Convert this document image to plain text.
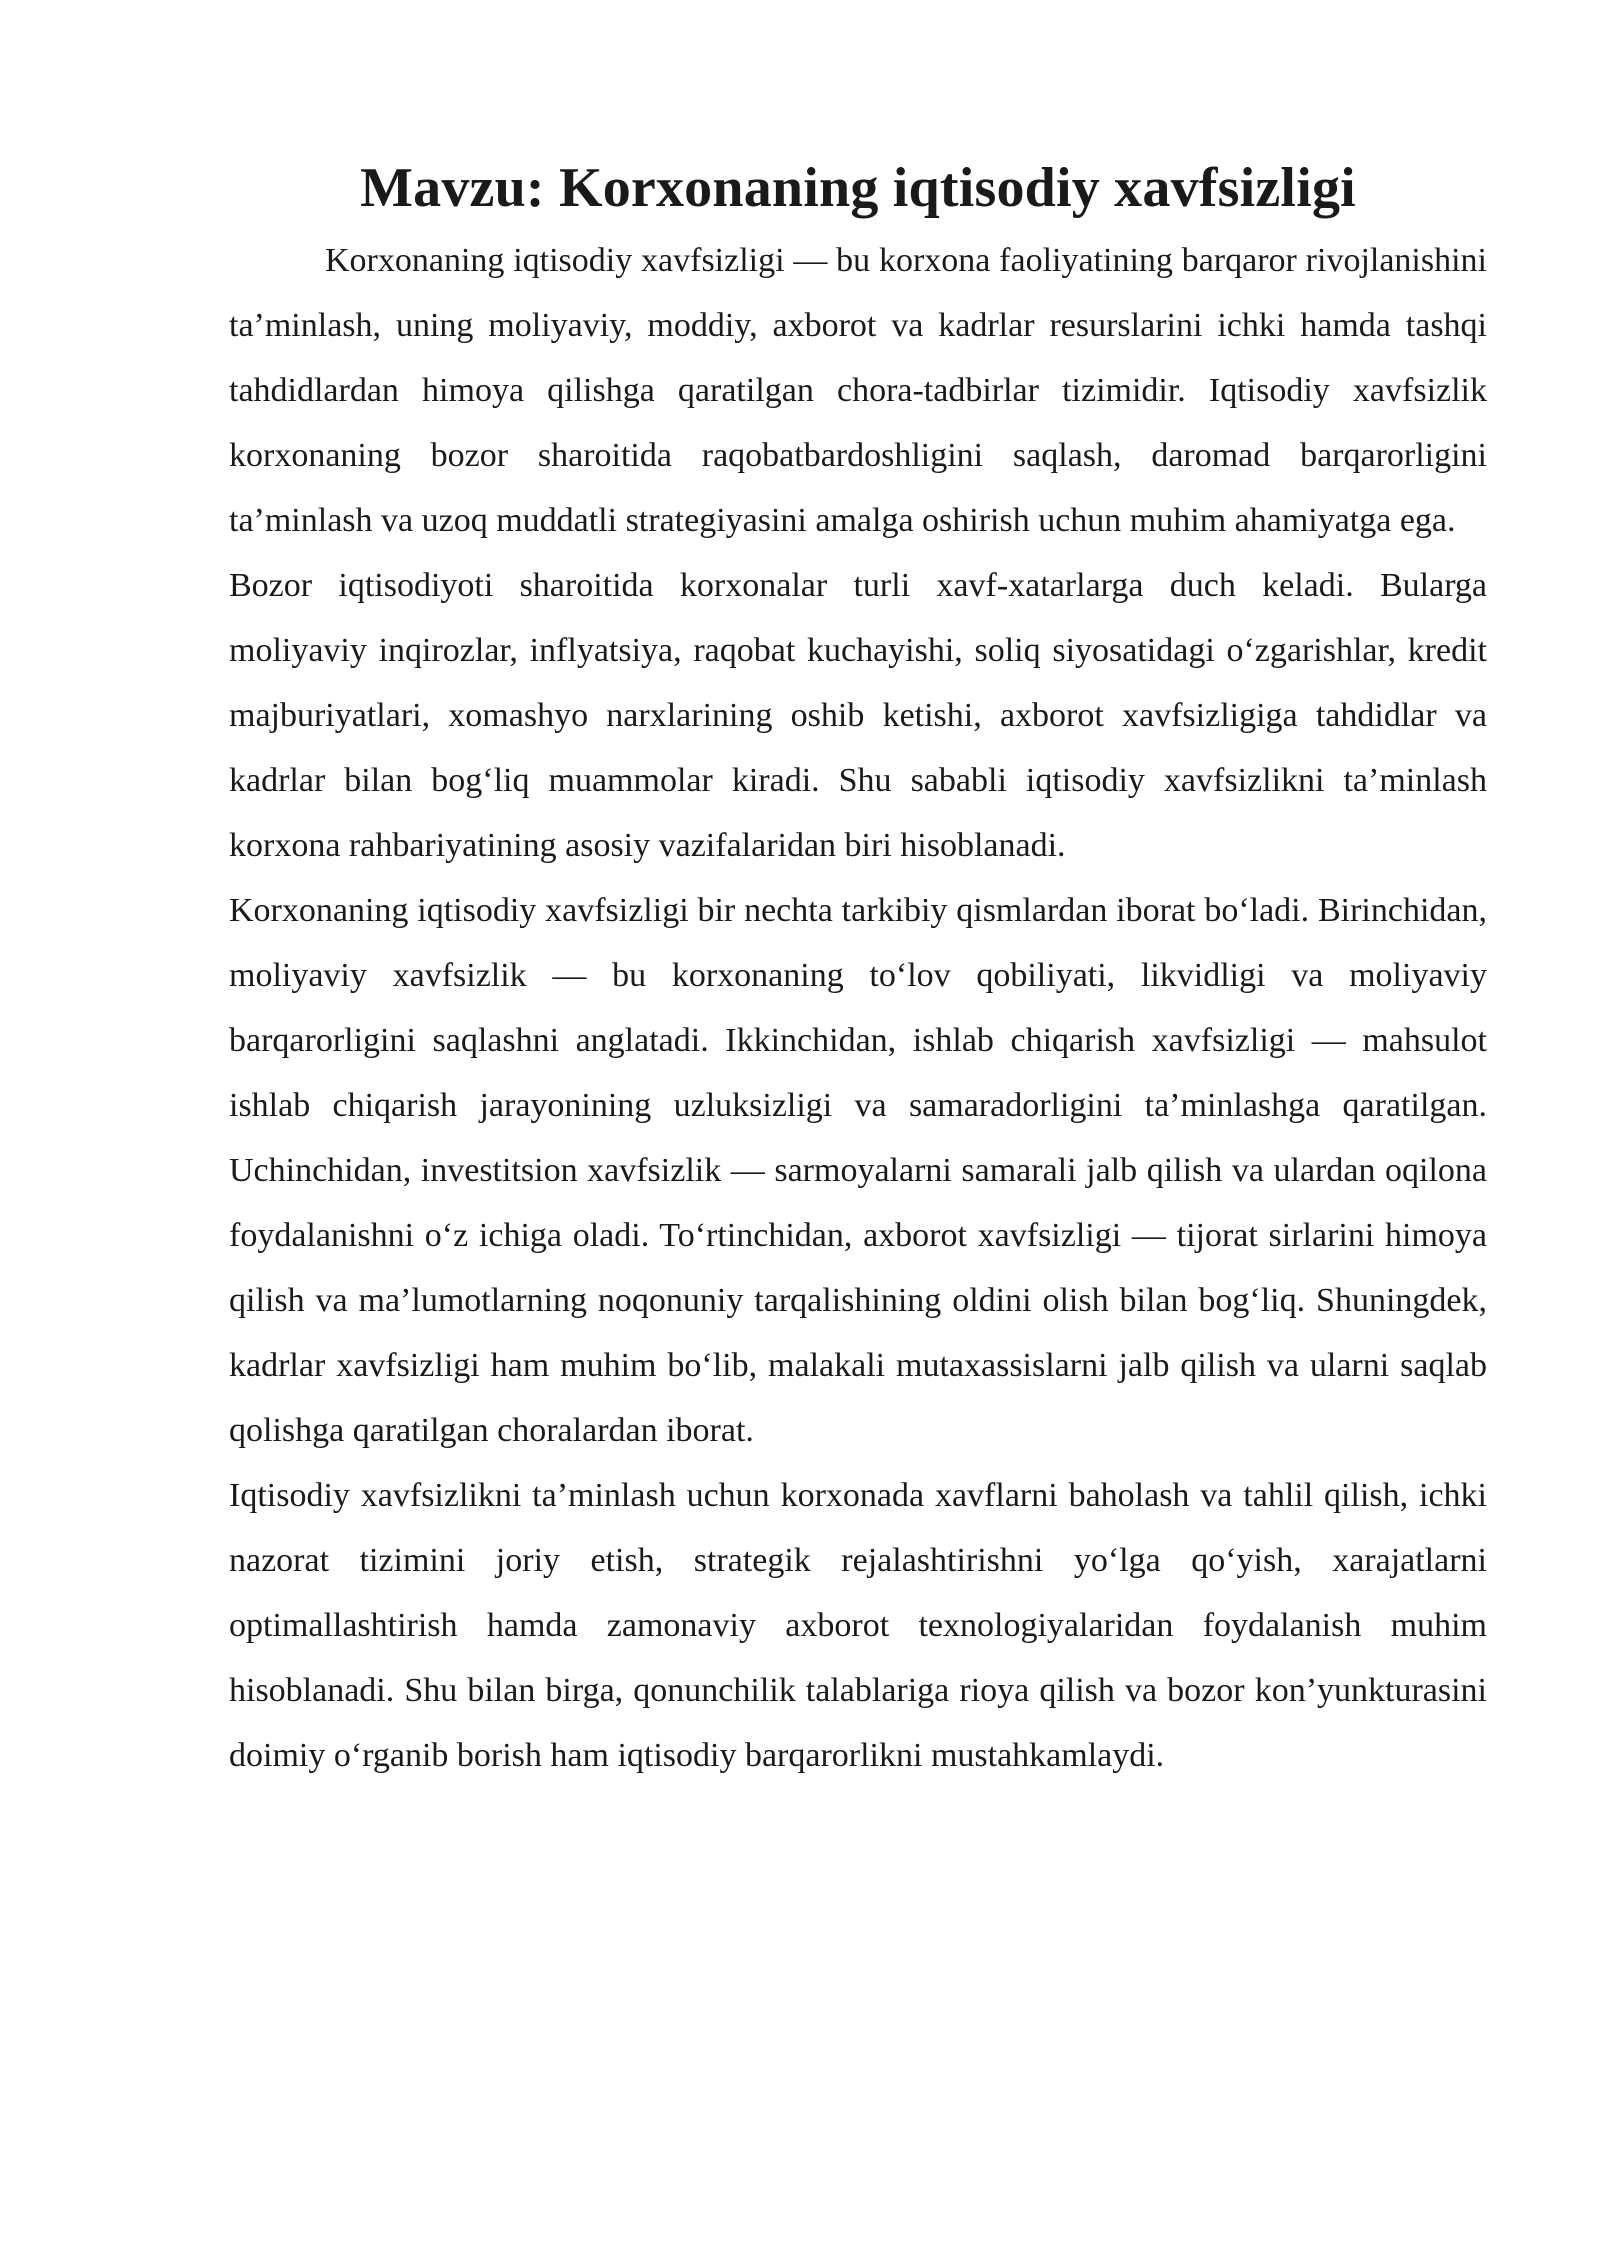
Mavzu: Korxonaning iqtisodiy xavfsizligi

Korxonaning iqtisodiy xavfsizligi — bu korxona faoliyatining barqaror rivojlanishini ta’minlash, uning moliyaviy, moddiy, axborot va kadrlar resurslarini ichki hamda tashqi tahdidlardan himoya qilishga qaratilgan chora-tadbirlar tizimidir. Iqtisodiy xavfsizlik korxonaning bozor sharoitida raqobatbardoshligini saqlash, daromad barqarorligini ta’minlash va uzoq muddatli strategiyasini amalga oshirish uchun muhim ahamiyatga ega.

Bozor iqtisodiyoti sharoitida korxonalar turli xavf-xatarlarga duch keladi. Bularga moliyaviy inqirozlar, inflyatsiya, raqobat kuchayishi, soliq siyosatidagi o‘zgarishlar, kredit majburiyatlari, xomashyo narxlarining oshib ketishi, axborot xavfsizligiga tahdidlar va kadrlar bilan bog‘liq muammolar kiradi. Shu sababli iqtisodiy xavfsizlikni ta’minlash korxona rahbariyatining asosiy vazifalaridan biri hisoblanadi.

Korxonaning iqtisodiy xavfsizligi bir nechta tarkibiy qismlardan iborat bo‘ladi. Birinchidan, moliyaviy xavfsizlik — bu korxonaning to‘lov qobiliyati, likvidligi va moliyaviy barqarorligini saqlashni anglatadi. Ikkinchidan, ishlab chiqarish xavfsizligi — mahsulot ishlab chiqarish jarayonining uzluksizligi va samaradorligini ta’minlashga qaratilgan. Uchinchidan, investitsion xavfsizlik — sarmoyalarni samarali jalb qilish va ulardan oqilona foydalanishni o‘z ichiga oladi. To‘rtinchidan, axborot xavfsizligi — tijorat sirlarini himoya qilish va ma’lumotlarning noqonuniy tarqalishining oldini olish bilan bog‘liq. Shuningdek, kadrlar xavfsizligi ham muhim bo‘lib, malakali mutaxassislarni jalb qilish va ularni saqlab qolishga qaratilgan choralardan iborat.

Iqtisodiy xavfsizlikni ta’minlash uchun korxonada xavflarni baholash va tahlil qilish, ichki nazorat tizimini joriy etish, strategik rejalashtirishni yo‘lga qo‘yish, xarajatlarni optimallashtirish hamda zamonaviy axborot texnologiyalaridan foydalanish muhim hisoblanadi. Shu bilan birga, qonunchilik talablariga rioya qilish va bozor kon’yunkturasini doimiy o‘rganib borish ham iqtisodiy barqarorlikni mustahkamlaydi.
